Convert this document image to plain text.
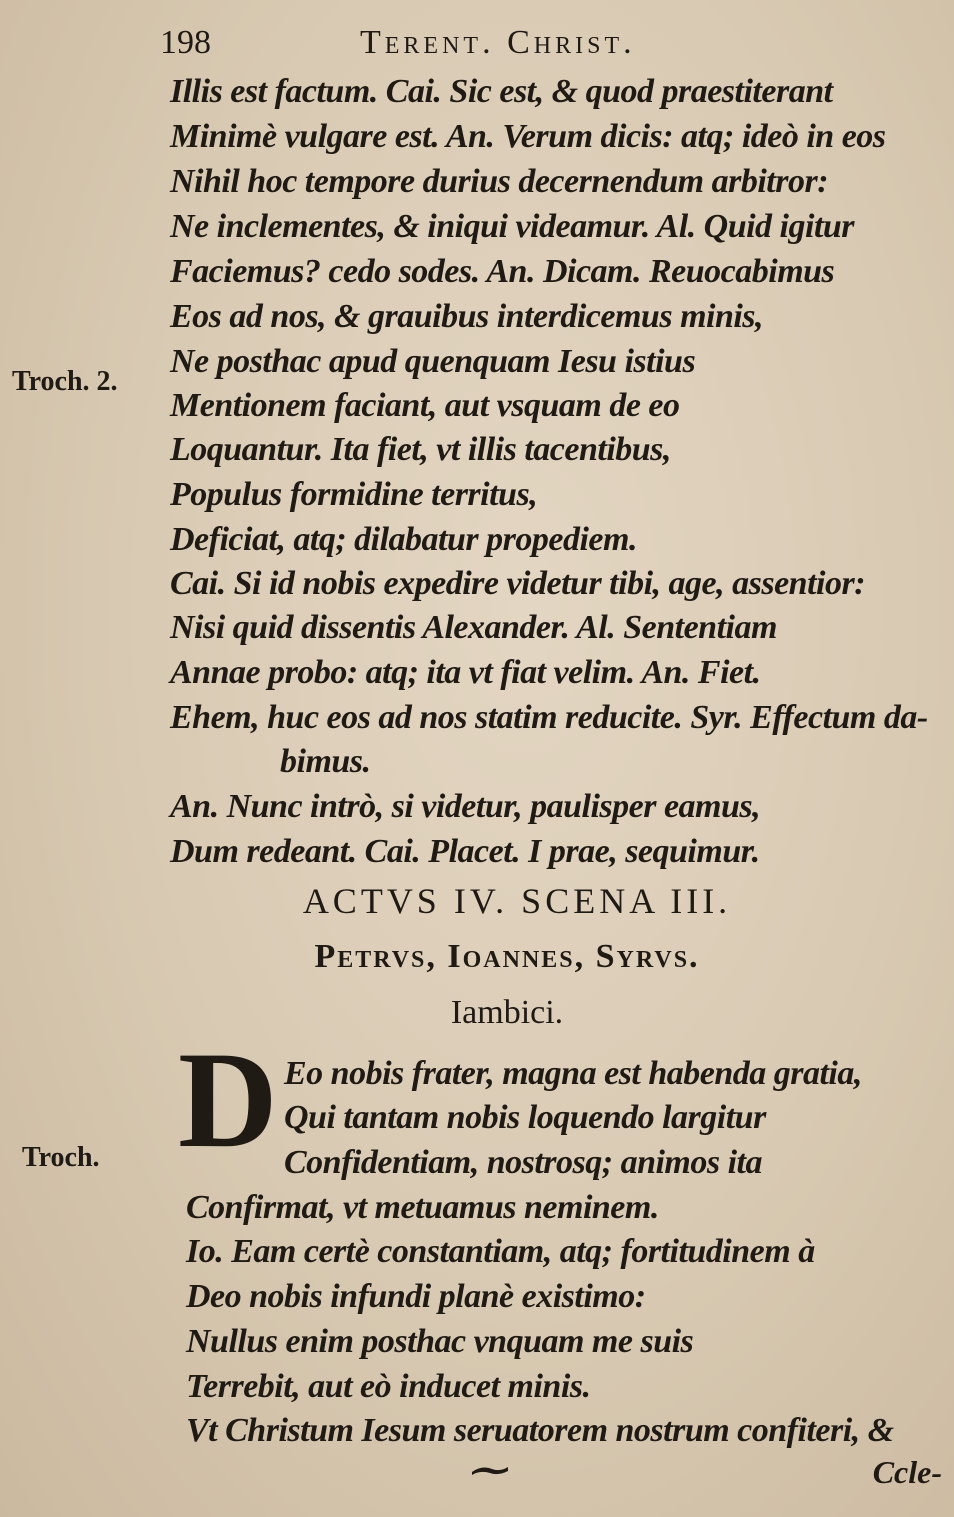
198	Terent. Christ.
Illis est factum. Cai. Sic est, & quod praestiterant
Minimè vulgare est. An. Verum dicis: atq; ideò in eos
Nihil hoc tempore durius decernendum arbitror:
Ne inclementes, & iniqui videamur. Al. Quid igitur
Faciemus? cedo sodes. An. Dicam. Reuocabimus
Eos ad nos, & grauibus interdicemus minis,
Ne posthac apud quenquam Iesu istius
Mentionem faciant, aut vsquam de eo
Loquantur. Ita fiet, vt illis tacentibus,
Populus formidine territus,
Deficiat, atq; dilabatur propediem.
Cai. Si id nobis expedire videtur tibi, age, assentior:
Nisi quid dissentis Alexander. Al. Sententiam
Annae probo: atq; ita vt fiat velim. An. Fiet.
Ehem, huc eos ad nos statim reducite. Syr. Effectum da-
bimus.
An. Nunc intrò, si videtur, paulisper eamus,
Dum redeant. Cai. Placet. I prae, sequimur.
Troch. 2.
ACTVS IV. SCENA III.
Petrvs, Ioannes, Syrvs.
Iambici.
D Eo nobis frater, magna est habenda gratia,
Qui tantam nobis loquendo largitur
Confidentiam, nostrosq; animos ita
Confirmat, vt metuamus neminem.
Io. Eam certè constantiam, atq; fortitudinem à
Deo nobis infundi planè existimo:
Nullus enim posthac vnquam me suis
Terrebit, aut eò inducet minis.
Vt Christum Iesum seruatorem nostrum confiteri, &
Troch.
Ccle-
